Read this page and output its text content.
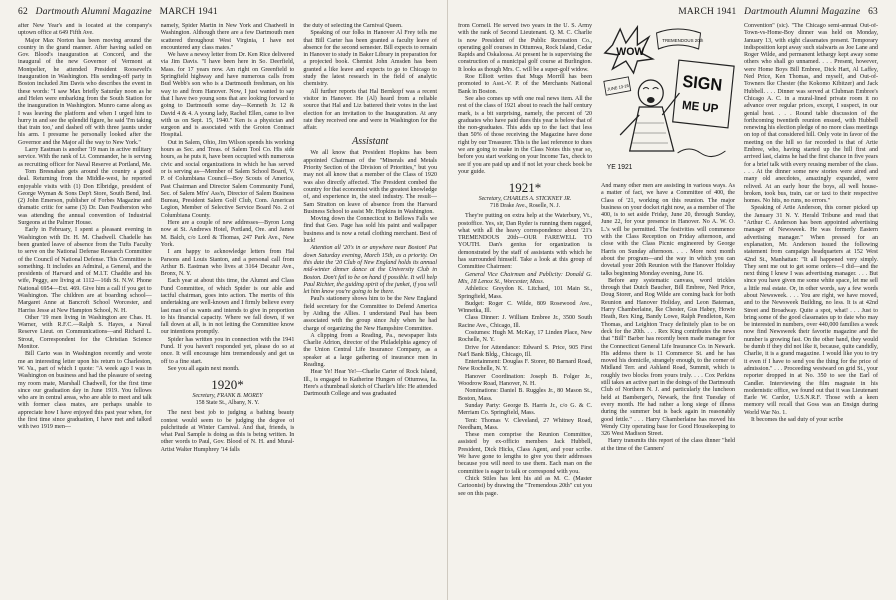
62 Dartmouth Alumni Magazine MARCH 1941

after New Year's and is located at the company's uptown office at 649 Fifth Ave.

Major Max Norton has been moving around the country in the grand manner. After having sailed on Gov. Blood's inauguration at Concord, and the inaugural of the new Governor of Vermont at Montpelier, he attended President Roosevelt's inauguration in Washington. His sending-off party in Boston included Jim Davis who describes the event in these words: "I saw Max briefly Saturday noon as he and Helen were embarking from the South Station for the inauguration in Washington. Munro came along as I was leaving the platform and when I urged him to hurry in and see the splendid figure, he said 'I'm taking that train too,' and dashed off with three jaunts under his arm. I presume he personally looked after the Governor and the Major all the way to New York."

Larry Eastman is another '19 man in active military service. With the rank of Lt. Commander, he is serving as recruiting officer for Naval Reserve at Portland, Me.

Tom Bresnahan gets around the country a good deal. Returning from the Middle-west, he reported enjoyable visits with (1) Don Elbridge, president of George Wyman & Sons Dep't Store, South Bend, Ind. (2) John Emerson, publisher of Forbes Magazine and dramatic critic for same (3) Dr. Dan Featherston who was attending the annual convention of Industrial Surgeons at the Palmer House.

Early in February, I spent a pleasant evening in Washington with Dr. H. M. Chadwell. Chadelle has been granted leave of absence from the Tufts Faculty to serve on the National Defense Research Committee of the Council of National Defense. This Committee is something. It includes an Admiral, a General, and the presidents of Harvard and of M.I.T. Chaddie and his wife, Peggy, are living at 1112—16th St. N.W. Phone National 6954—Ext. 469. Give him a call if you get to Washington. The children are at boarding school—Margaret Anne at Bancroft School Worcester, and Harriss Jesse at New Hampton School, N. H.

Other '19 men living in Washington are Chas. H. Warner, with R.F.C.—Ralph S. Hayes, a Naval Reserve Lieut. on Communications—and Richard L. Strout, Correspondent for the Christian Science Monitor.

Bill Carto was in Washington recently and wrote me an interesting letter upon his return to Charleston, W. Va., part of which I quote: "A week ago I was in Washington on business and had the pleasure of seeing my room mate, Marshall Chadwell, for the first time since our graduation day in June 1919. You fellows who are in central areas, who are able to meet and talk with former class mates, are perhaps unable to appreciate how I have enjoyed this past year when, for the first time since graduation, I have met and talked with two 1919 men—

namely, Spider Martin in New York and Chadwell in Washington. Although there are a few Dartmouth men scattered throughout West Virginia, I have not encountered any class mates."

We have a newsy letter from Dr. Ken Rice delivered via Jim Davis. "I have been here in So. Deerfield, Mass. for 17 years now. Am right on Greenfield to Springfield highway and have numerous calls from Bud Webb's son who is a Dartmouth freshman, on his way to and from Hanover. Now, I just wanted to say that I have two young sons that are looking forward to going to Dartmouth some day—Kenneth Jr. 12 & David 4 & 4. A young lady, Rachel Ellen, came to live with us on Sept. 15, 1940." Ken is a physician and surgeon and is associated with the Groton Contract Hospital.

Out in Salem, Ohio, Jim Wilson spends his working hours as Sec. and Treas. of Salem Tool Co. His side hours, as he puts it, have been occupied with numerous civic and social organizations in which he has served or is serving as—Member of Salem School Board, V. P. of Columbiana Council—Boy Scouts of America, Past Chairman and Director Salem Community Fund, Sec. of Salem Mfrs' Ass'n, Director of Salem Business Bureau, President Salem Golf Club, Com. American Legion, Member of Selective Service Board No. 2 of Columbiana County.

Here are a couple of new addresses—Byron Long now at St. Andrews Hotel, Portland, Ore. and James M. Balch, c/o Lord & Thomas, 247 Park Ave., New York.

I am happy to acknowledge letters from Hal Parsons and Louis Stanton, and a personal call from Arthur B. Eastman who lives at 3164 Decatur Ave., Bronx, N. Y.

Each year at about this time, the Alumni and Class Fund Committee, of which Spider is our able and tactful chairman, goes into action. The merits of this undertaking are well-known and I firmly believe every last man of us wants and intends to give in proportion to his financial capacity. Where we fall down, if we fall down at all, is in not letting the Committee know our intentions promptly.

Spider has written you in connection with the 1941 Fund. If you haven't responded yet, please do so at once. It will encourage him tremendously and get us off to a fine start.

See you all again next month.

1920*
Secretary, FRANK B. MOREY
158 State St., Albany, N. Y.

The next best job to judging a bathing beauty contest would seem to be judging the degree of pulchritude at Winter Carnival. And that, friends, is what Paul Sample is doing as this is being written. In other words to Paul, Gov. Blood of N. H. and Mural-Artist Walter Humphrey '14 falls

the duty of selecting the Carnival Queen.

Speaking of our folks in Hanover Al Frey tells me that Bill Carter has been granted a faculty leave of absence for the second semester. Bill expects to remain in Hanover to study in Baker Library in preparation for a projected book. Chemist John Amsden has been granted a like leave and expects to go to Chicago to study the latest research in the field of analytic chemistry.

All further reports that Hal Bernkopf was a recent visitor in Hanover. He (Al) heard from a reliable source that Hal and Liz battered their votes in the last election for an invitation to the Inauguration. At any rate they received one and were in Washington for the affair.

Assistant

We all know that President Hopkins has been appointed Chairman of the "Minerals and Metals Priority Section of the Division of Priorities," but you may not all know that a member of the Class of 1920 was also directly affected. The President combed the country for that economist with the greatest knowledge of, and experience in, the steel industry. The result—Sam Stratton on leave of absence from the Harvard Business School to assist Mr. Hopkins in Washington.

Moving down the Connecticut to Bellows Falls we find that Geo. Page has sold his paint and wallpaper business and is now a retail clothing merchant. Best of luck!

Attention all '20's in or anywhere near Boston! Put down Saturday evening, March 15th, as a priority. On this date the '20 Club of New England holds its annual mid-winter dinner dance at the University Club in Boston. Don't fail to be on hand if possible. It will help Paul Richter, the guiding spirit of the junket, if you will let him know you're going to be there.

Paul's stationery shows him to be the New England field secretary for the Committee to Defend America by Aiding the Allies. I understand Paul has been associated with the group since July when he had charge of organizing the New Hampshire Committee.

A clipping from a Reading, Pa., newspaper lists Charlie Adrion, director of the Philadelphia agency of the Union Central Life Insurance Company, as a speaker at a large gathering of insurance men in Reading.

Hear Ye! Hear Ye!—Charlie Carter of Rock Island, Ill., is engaged to Katherine Hungen of Ottumwa, Ia. Here's a thumbnail sketch of Charlie's life: He attended Dartmouth College and was graduated

MARCH 1941 Dartmouth Alumni Magazine 63

from Cornell. He served two years in the U. S. Army with the rank of Second Lieutenant. Q. M. C. Charlie is now President of the Public Recreation Co., operating golf courses in Ottumwa, Rock Island, Cedar Rapids and Oskaloosa. At present he is supervising the construction of a municipal golf course at Burlington. It looks as though Mrs. C. will be a super-golf widow.

Roe Elliott writes that Mugs Morrill has been promoted to Asst.-V. P. of the Merchants National Bank in Boston.

See also comes up with one real news item. All the rest of the class of 1921 about to reach the half century mark, is a bit surprising, namely, the percent of '20 graduates who have paid dues this year is below that of the non-graduates. This adds up to the fact that less than 50% of those receiving the Magazine have done right by our Treasurer. This is the last reference to dues we are going to make in the Class Notes this year so, before you start working on your Income Tax, check to see if you are paid up and if not let your check book be your guide.

1921*
Secretary, CHARLES A. STICKNEY JR.
718 Drake Ave., Roselle, N. J.

They're putting on extra help at the Waterbury, Vt., postoffice. Yes, sir, Dan Ryder is running them ragged, what with all the heavy correspondence about '21's TREMENDOUS 20th—OUR FAREWELL TO YOUTH. Dan's genius for organization is demonstrated by the staff of assistants with which he has surrounded himself. Take a look at this group of Committee Chairmen:

General Vice Chairman and Publicity: Donald G. Mix, 18 Lenox St., Worcester, Mass.

Athletics: Greydon K. Litchard, 101 Main St., Springfield, Mass.

Budget: Roger C. Wilde, 809 Rosewood Ave., Winnetka, Ill.

Class Dinner: J. William Embree Jr., 3500 South Racine Ave., Chicago, Ill.

Costumes: Hugh M. McKay, 17 Linden Place, New Rochelle, N. Y.

Drive for Attendance: Edward S. Price, 905 First Nat'l Bank Bldg., Chicago, Ill.

Entertainment: Douglas F. Storer, 80 Barnard Road, New Rochelle, N. Y.

Hanover Coordination: Joseph B. Folger Jr., Woodrow Road, Hanover, N. H.

Nominations: Daniel B. Ruggles Jr., 80 Mason St., Boston, Mass.

Sunday Party: George B. Harris Jr., c/o G. & C. Merriam Co. Springfield, Mass.

Tent: Thomas V. Cleveland, 27 Whitney Road, Needham, Mass.

These men comprise the Reunion Committee, assisted by ex-officio members Jack Hubbell, President, Dick Hicks, Class Agent, and your scribe. We have gone to lengths to give you their addresses because you will need to use them. Each man on the committee is eager to talk or correspond with you.

Chick Stiles has lent his aid as M. C. (Master Cartoonist) by drawing the "Tremendous 20th" cut you see on this page.

WOW
TREMENDOUS 20th
SIGN
ME UP
JUNE 13-16
YE 1921

And many other men are assisting in various ways. As a matter of fact, we have a Committee of 400, the Class of '21, working on this reunion. The major business on your docket right now, as a member of The 400, is to set aside Friday, June 20, through Sunday, June 22, for your presence in Hanover. No A. W. O. L.'s will be permitted. The festivities will commence with the Class Reception on Friday afternoon, and close with the Class Picnic engineered by George Harris on Sunday afternoon. . . . More next month about the program—and the way in which you can dovetail your 20th Reunion with the Hanover Holiday talks beginning Monday evening, June 16.

Before any systematic canvass, word trickles through that Dutch Baucher, Bill Embree, Ned Price, Doug Storer, and Rog Wilde are coming back for both Reunion and Hanover Holiday, and Leon Bateman, Harry Chamberlaine, Ike Chester, Gus Habey, Howie Heath, Rex King, Bandy Lowe, Ralph Pendleton, Ken Thomas, and Leighton Tracy definitely plan to be on deck for the 20th. . . . Rex King contributes the news that "Bill" Barber has recently been made manager for the Connecticut General Life Insurance Co. in Newark. His address there is 11 Commerce St. and he has moved his domicile, strangely enough, to the corner of Midland Terr. and Ashland Road, Summit, which is roughly two blocks from yours truly. . . . Cox Perkins still takes an active part in the doings of the Dartmouth Club of Northern N. J. and particularly the luncheon held at Bamberger's, Newark, the first Tuesday of every month. He had rather a long siege of illness during the summer but is back again in reasonably good fettle." . . . Harry Chamberlaine has moved his Wendy City operating base for Good Housekeeping to 326 West Madison Street.

Harry transmits this report of the class dinner "held at the time of the Canners'

Convention" (sic). "The Chicago semi-annual Out-of-Town-vs-Home-Boy dinner was held on Monday, January 13, with eight classmates present. Temporary indisposition kept away such stalwarts as Joe Lane and Roger Wilde, and permanent lethargy kept away some others who shall go unnamed. . . . Present, however, were Home Boys Bill Embree, Dick Hart, Al Laffey, Ned Price, Ken Thomas, and myself, and Out-of-Towners Ike Chester (the Kokomo Kibitzer) and Jack Hubbell. . . . Dinner was served at Clubman Embree's Chicago A. C. in a mural-lined private room it no advance over regular prices, except, I suspect, in our genial host. . . . Round table discussion of the forthcoming twentieth reunion ensued, with Hubbell renewing his election pledge of no more class meetings on top of that considered hill. Only vote in favor of the meeting on the hill so far recorded is that of Artie Embree, who, having started up the hill first and arrived last, claims he had the first chance in five years for a brief talk with every reusing member of the class. . . . At the dinner some new stories were aired and many old anecdotes, amazingly expanded, were relived. At an early hour the boys, all well house-broken, took bus, train, car or taxi to their respective homes. No hits, no runs, no errors."

Speaking of Artie Anderson, this corner picked up the January 31 N. Y. Herald Tribune and read that "Arthur C. Anderson has been appointed advertising manager of Newsweek. He was formerly Eastern advertising manager." When pressed for an explanation, Mr. Anderson issued the following statement from campaign headquarters at 152 West 42nd St., Manhattan: "It all happened very simply. They sent me out to get some orders—I did—and the next thing I knew I was advertising manager. . . . But since you have given me some white space, let me sell a little real estate. Or, in other words, say a few words about Newsweek. . . . You are right, we have moved, and to the Newsweek Building, no less. It is at 42nd Street and Broadway. Quite a spot, what! . . . Just to bring some of the good classmates up to date who may be interested in numbers, over 440,000 families a week now find Newsweek their favorite magazine and the number is growing fast. On the other hand, they would be dumb if they did not like it, because, quite candidly, Charlie, it is a grand magazine. I would like you to try it even if I have to send you the thing for the price of admission." . . . Proceeding westward on grid St., your reporter dropped in at No. 350 to see the Earl of Candler. Interviewing the film magnate in his modernistic office, we found out that it was Lieutenant Earle W. Cardor, U.S.N.R.F. Those with a keen memory will recall that Goss was an Ensign during World War No. 1.

It becomes the sad duty of your scribe
